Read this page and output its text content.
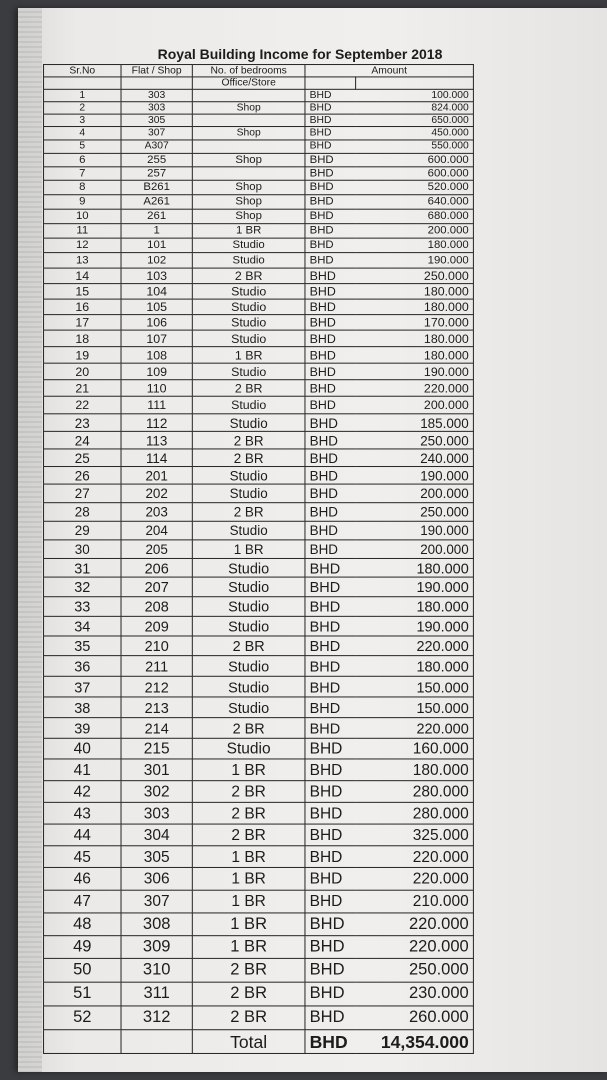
Royal Building Income for September 2018
Sr.No	Flat / Shop	No. of bedrooms	Amount	
		Office/Store		
1	303		BHD	100.000
2	303	Shop	BHD	824.000
3	305		BHD	650.000
4	307	Shop	BHD	450.000
5	A307		BHD	550.000
6	255	Shop	BHD	600.000
7	257		BHD	600.000
8	B261	Shop	BHD	520.000
9	A261	Shop	BHD	640.000
10	261	Shop	BHD	680.000
11	1	1 BR	BHD	200.000
12	101	Studio	BHD	180.000
13	102	Studio	BHD	190.000
14	103	2 BR	BHD	250.000
15	104	Studio	BHD	180.000
16	105	Studio	BHD	180.000
17	106	Studio	BHD	170.000
18	107	Studio	BHD	180.000
19	108	1 BR	BHD	180.000
20	109	Studio	BHD	190.000
21	110	2 BR	BHD	220.000
22	111	Studio	BHD	200.000
23	112	Studio	BHD	185.000
24	113	2 BR	BHD	250.000
25	114	2 BR	BHD	240.000
26	201	Studio	BHD	190.000
27	202	Studio	BHD	200.000
28	203	2 BR	BHD	250.000
29	204	Studio	BHD	190.000
30	205	1 BR	BHD	200.000
31	206	Studio	BHD	180.000
32	207	Studio	BHD	190.000
33	208	Studio	BHD	180.000
34	209	Studio	BHD	190.000
35	210	2 BR	BHD	220.000
36	211	Studio	BHD	180.000
37	212	Studio	BHD	150.000
38	213	Studio	BHD	150.000
39	214	2 BR	BHD	220.000
40	215	Studio	BHD	160.000
41	301	1 BR	BHD	180.000
42	302	2 BR	BHD	280.000
43	303	2 BR	BHD	280.000
44	304	2 BR	BHD	325.000
45	305	1 BR	BHD	220.000
46	306	1 BR	BHD	220.000
47	307	1 BR	BHD	210.000
48	308	1 BR	BHD	220.000
49	309	1 BR	BHD	220.000
50	310	2 BR	BHD	250.000
51	311	2 BR	BHD	230.000
52	312	2 BR	BHD	260.000
		Total	BHD	14,354.000
